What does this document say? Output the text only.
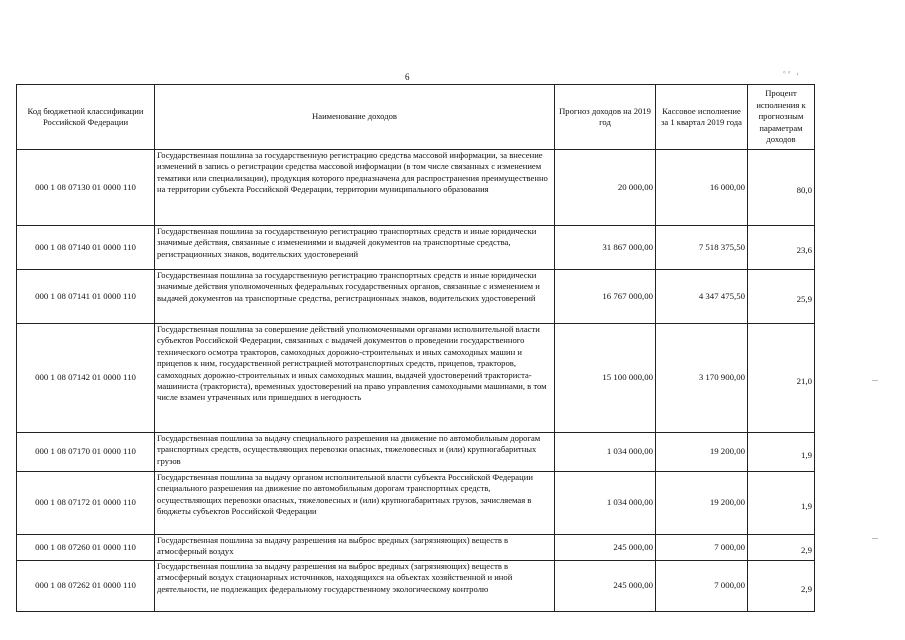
6	°° ‹
Код бюджетной классификации Российской Федерации	Наименование доходов	Прогноз доходов на 2019 год	Кассовое исполнение за 1 квартал 2019 года	Процент исполнения к прогнозным параметрам доходов
000 1 08 07130 01 0000 110	Государственная пошлина за государственную регистрацию средства массовой информации, за внесение изменений в запись о регистрации средства массовой информации (в том числе связанных с изменением тематики или специализации), продукция которого предназначена для распространения преимущественно на территории субъекта Российской Федерации, территории муниципального образования	20 000,00	16 000,00	80,0
000 1 08 07140 01 0000 110	Государственная пошлина за государственную регистрацию транспортных средств и иные юридически значимые действия, связанные с изменениями и выдачей документов на транспортные средства, регистрационных знаков, водительских удостоверений	31 867 000,00	7 518 375,50	23,6
000 1 08 07141 01 0000 110	Государственная пошлина за государственную регистрацию транспортных средств и иные юридически значимые действия уполномоченных федеральных государственных органов, связанные с изменением и выдачей документов на транспортные средства, регистрационных знаков, водительских удостоверений	16 767 000,00	4 347 475,50	25,9
000 1 08 07142 01 0000 110	Государственная пошлина за совершение действий уполномоченными органами исполнительной власти субъектов Российской Федерации, связанных с выдачей документов о проведении государственного технического осмотра тракторов, самоходных дорожно-строительных и иных самоходных машин и прицепов к ним, государственной регистрацией мототранспортных средств, прицепов, тракторов, самоходных дорожно-строительных и иных самоходных машин, выдачей удостоверений тракториста-машиниста (тракториста), временных удостоверений на право управления самоходными машинами, в том числе взамен утраченных или пришедших в негодность	15 100 000,00	3 170 900,00	21,0
000 1 08 07170 01 0000 110	Государственная пошлина за выдачу специального разрешения на движение по автомобильным дорогам транспортных средств, осуществляющих перевозки опасных, тяжеловесных и (или) крупногабаритных грузов	1 034 000,00	19 200,00	1,9
000 1 08 07172 01 0000 110	Государственная пошлина за выдачу органом исполнительной власти субъекта Российской Федерации специального разрешения на движение по автомобильным дорогам транспортных средств, осуществляющих перевозки опасных, тяжеловесных и (или) крупногабаритных грузов, зачисляемая в бюджеты субъектов Российской Федерации	1 034 000,00	19 200,00	1,9
000 1 08 07260 01 0000 110	Государственная пошлина за выдачу разрешения на выброс вредных (загрязняющих) веществ в атмосферный воздух	245 000,00	7 000,00	2,9
000 1 08 07262 01 0000 110	Государственная пошлина за выдачу разрешения на выброс вредных (загрязняющих) веществ в атмосферный воздух стационарных источников, находящихся на объектах хозяйственной и иной деятельности, не подлежащих федеральному государственному экологическому контролю	245 000,00	7 000,00	2,9
